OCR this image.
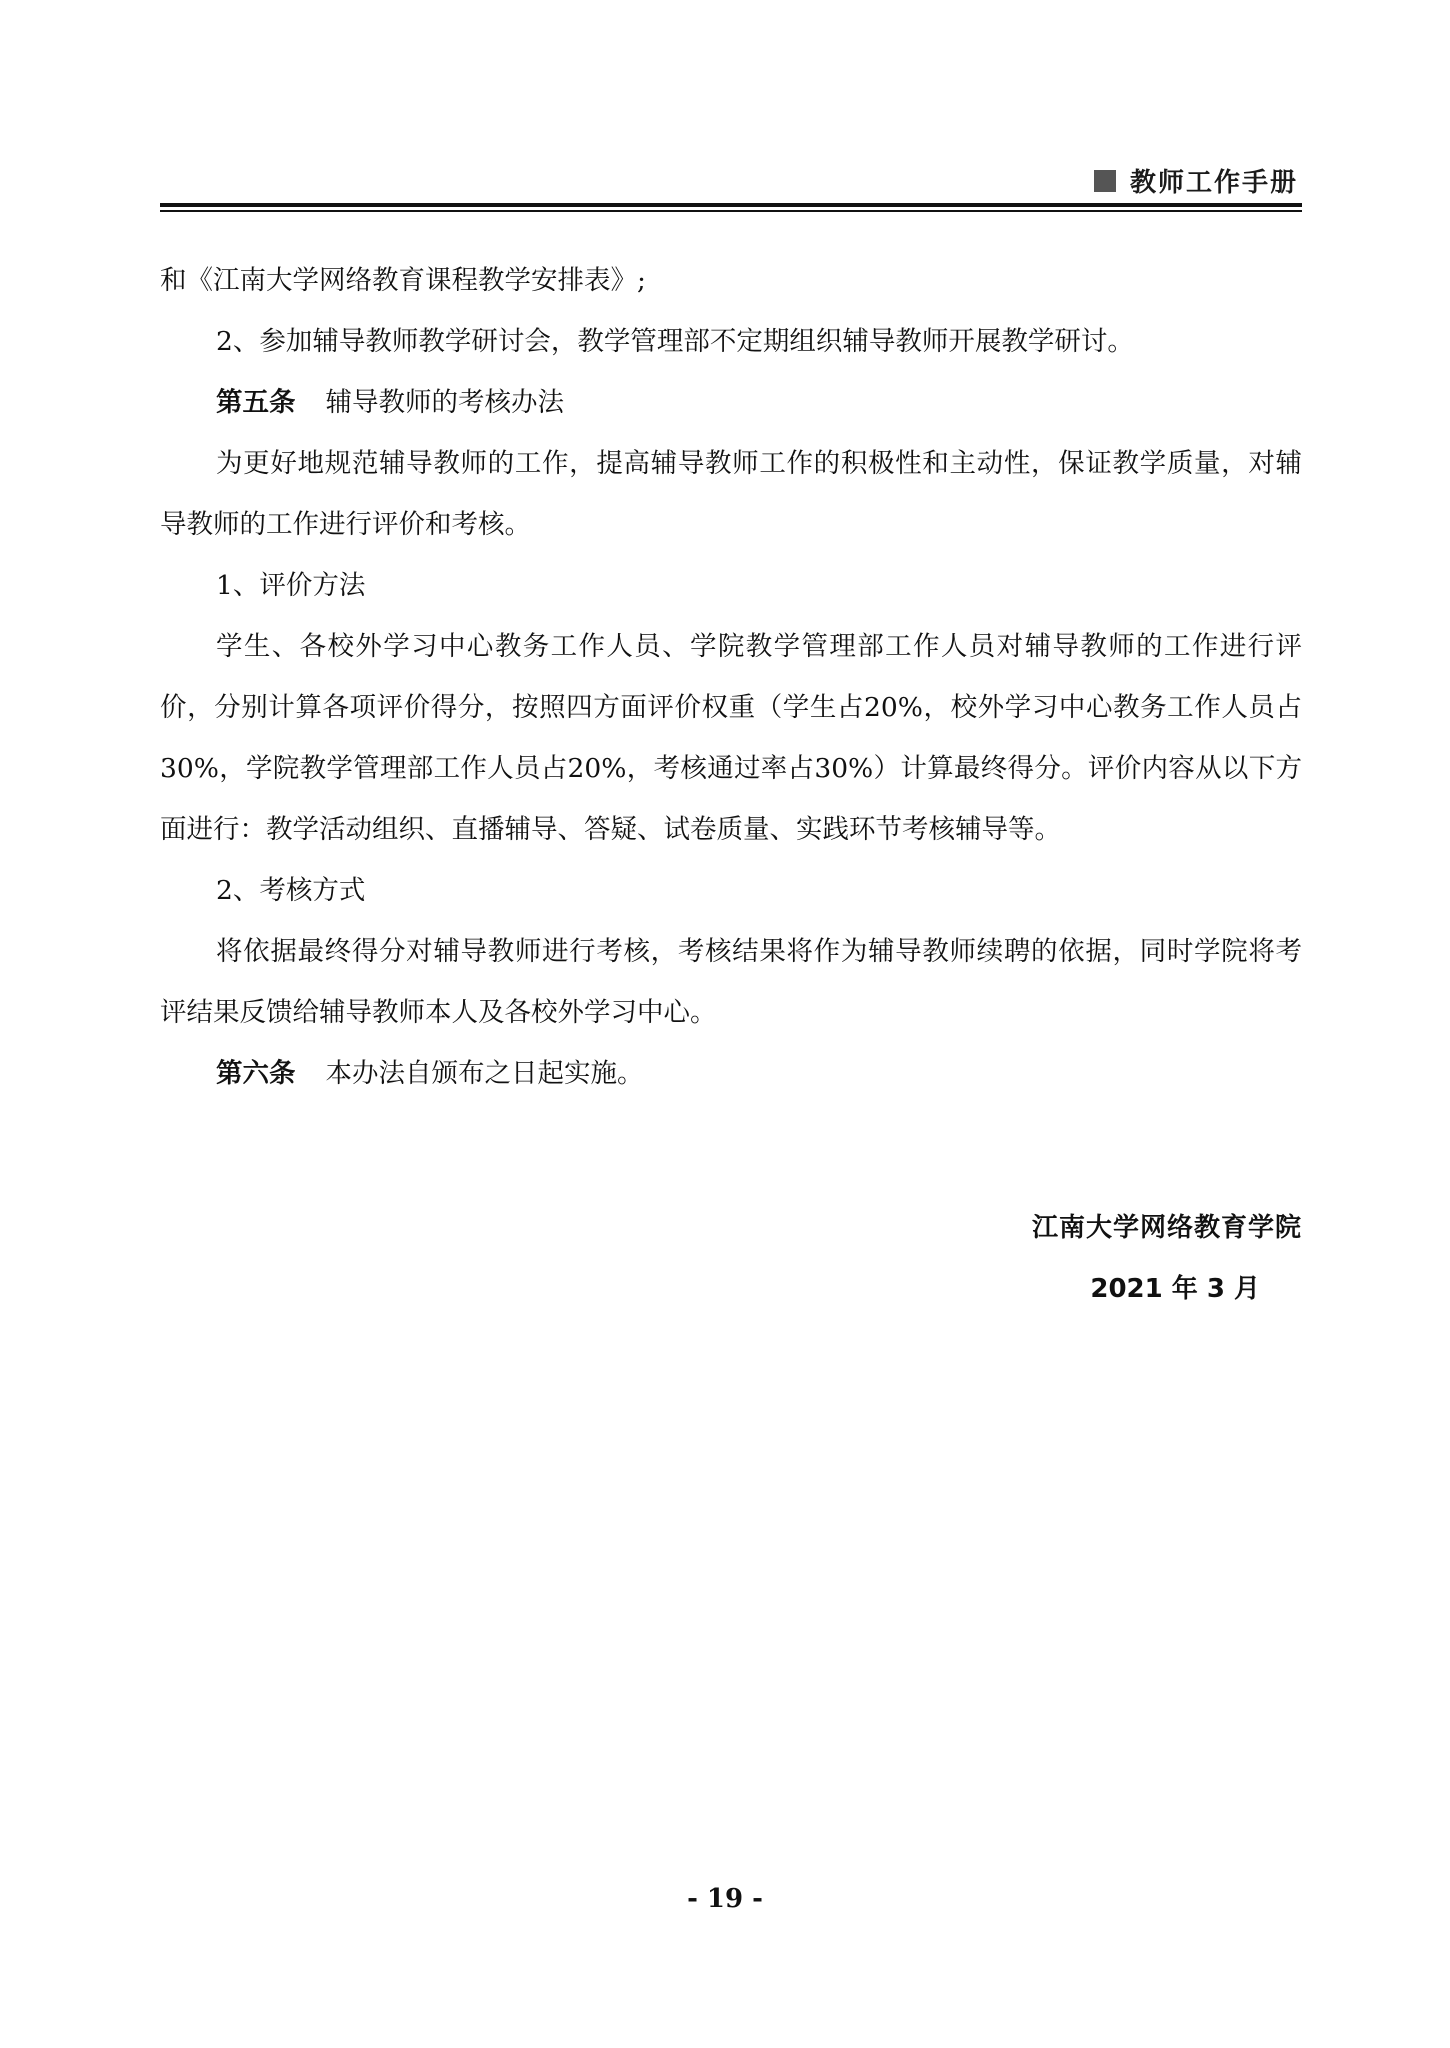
教师工作手册

和《江南大学网络教育课程教学安排表》;

2、参加辅导教师教学研讨会，教学管理部不定期组织辅导教师开展教学研讨。

第五条 辅导教师的考核办法

为更好地规范辅导教师的工作，提高辅导教师工作的积极性和主动性，保证教学质量，对辅导教师的工作进行评价和考核。

1、评价方法

学生、各校外学习中心教务工作人员、学院教学管理部工作人员对辅导教师的工作进行评价，分别计算各项评价得分，按照四方面评价权重（学生占20%，校外学习中心教务工作人员占30%，学院教学管理部工作人员占20%，考核通过率占30%）计算最终得分。评价内容从以下方面进行：教学活动组织、直播辅导、答疑、试卷质量、实践环节考核辅导等。

2、考核方式

将依据最终得分对辅导教师进行考核，考核结果将作为辅导教师续聘的依据，同时学院将考评结果反馈给辅导教师本人及各校外学习中心。

第六条 本办法自颁布之日起实施。

江南大学网络教育学院
2021 年 3 月
- 19 -
